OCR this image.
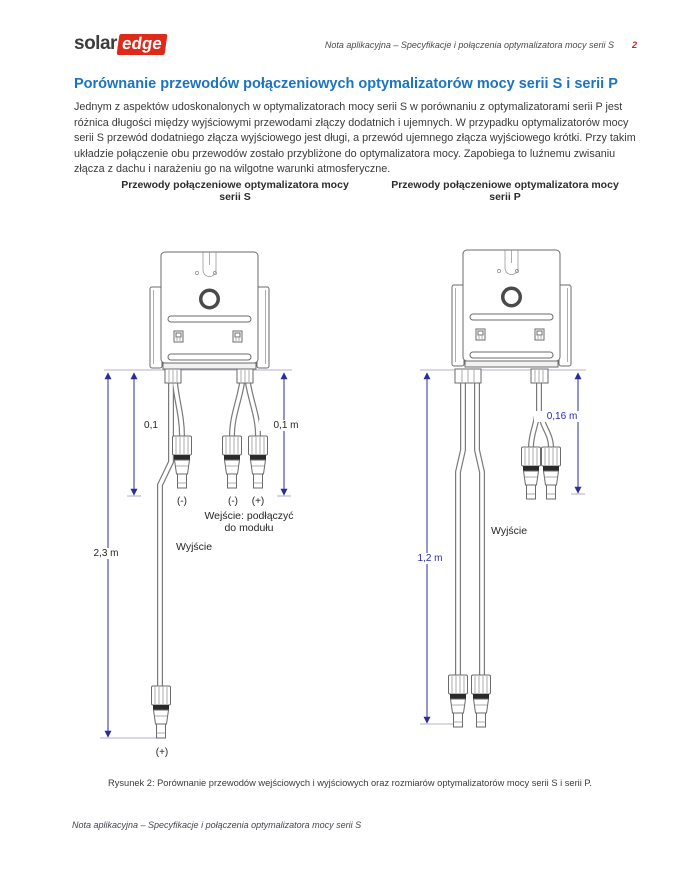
solar edge	Nota aplikacyjna – Specyfikacje i połączenia optymalizatora mocy serii S 2
Porównanie przewodów połączeniowych optymalizatorów mocy serii S i serii P
Jednym z aspektów udoskonalonych w optymalizatorach mocy serii S w porównaniu z optymalizatorami serii P jest różnica długości między wyjściowymi przewodami złączy dodatnich i ujemnych. W przypadku optymalizatorów mocy serii S przewód dodatniego złącza wyjściowego jest długi, a przewód ujemnego złącza wyjściowego krótki. Przy takim układzie połączenie obu przewodów zostało przybliżone do optymalizatora mocy. Zapobiega to luźnemu zwisaniu złącza z dachu i narażeniu go na wilgotne warunki atmosferyczne.
Przewody połączeniowe optymalizatora mocy serii S
Przewody połączeniowe optymalizatora mocy serii P
0,1	0,1 m
2,3 m
(-)	(-)	(+)
Wejście: podłączyć
do modułu
Wyjście
(+)
0,16 m
Wyjście
1,2 m
Rysunek 2: Porównanie przewodów wejściowych i wyjściowych oraz rozmiarów optymalizatorów mocy serii S i serii P.
Nota aplikacyjna – Specyfikacje i połączenia optymalizatora mocy serii S
